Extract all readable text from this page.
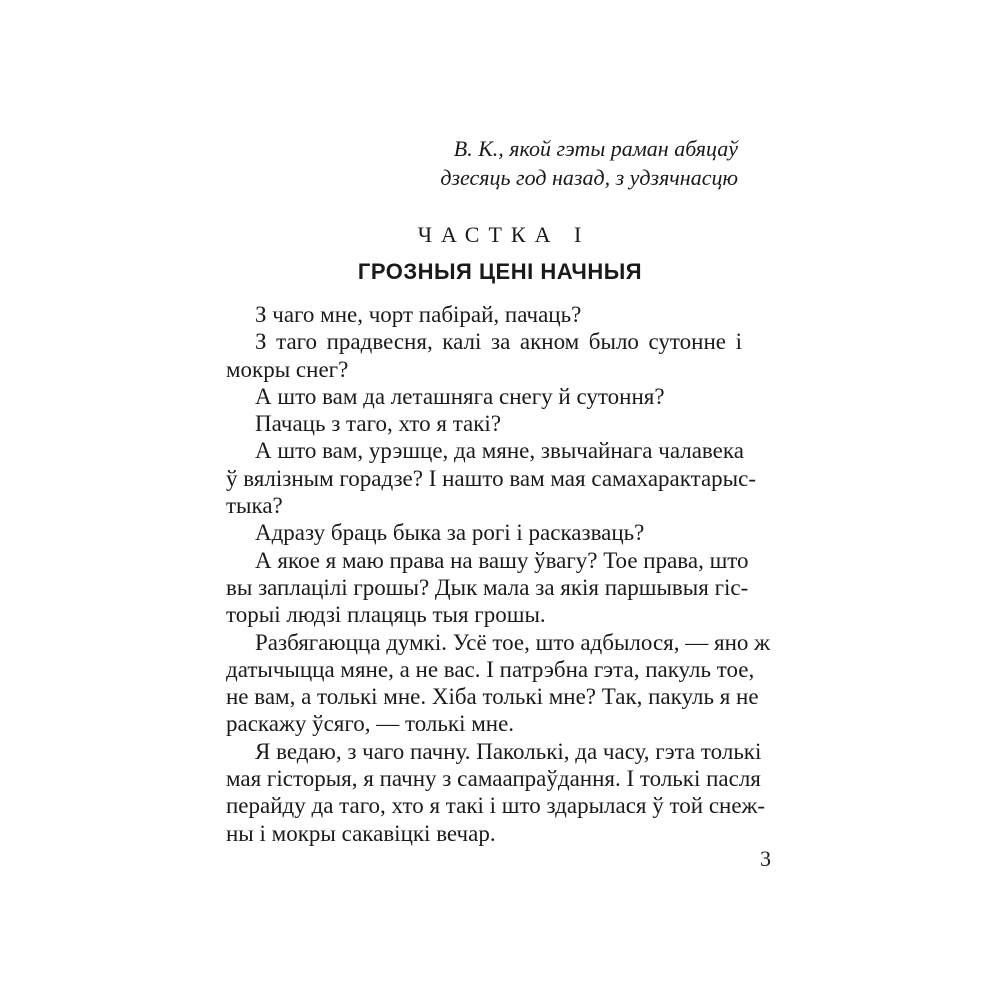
В. К., якой гэты раман абяцаў
дзесяць год назад, з удзячнасцю
ЧАСТКА I
ГРОЗНЫЯ ЦЕНІ НАЧНЫЯ
З чаго мне, чорт пабірай, пачаць?
З таго прадвесня, калі за акном было сутонне і
мокры снег?
А што вам да леташняга снегу й сутоння?
Пачаць з таго, хто я такі?
А што вам, урэшце, да мяне, звычайнага чалавека
ў вялізным горадзе? І нашто вам мая самахарактарыс-
тыка?
Адразу браць быка за рогі і расказваць?
А якое я маю права на вашу ўвагу? Тое права, што
вы заплацілі грошы? Дык мала за якія паршывыя гіс-
торыі людзі плацяць тыя грошы.
Разбягаюцца думкі. Усё тое, што адбылося, — яно ж
датычыцца мяне, а не вас. І патрэбна гэта, пакуль тое,
не вам, а толькі мне. Хіба толькі мне? Так, пакуль я не
раскажу ўсяго, — толькі мне.
Я ведаю, з чаго пачну. Паколькі, да часу, гэта толькі
мая гісторыя, я пачну з самаапраўдання. І толькі пасля
перайду да таго, хто я такі і што здарылася ў той снеж-
ны і мокры сакавіцкі вечар.
3
